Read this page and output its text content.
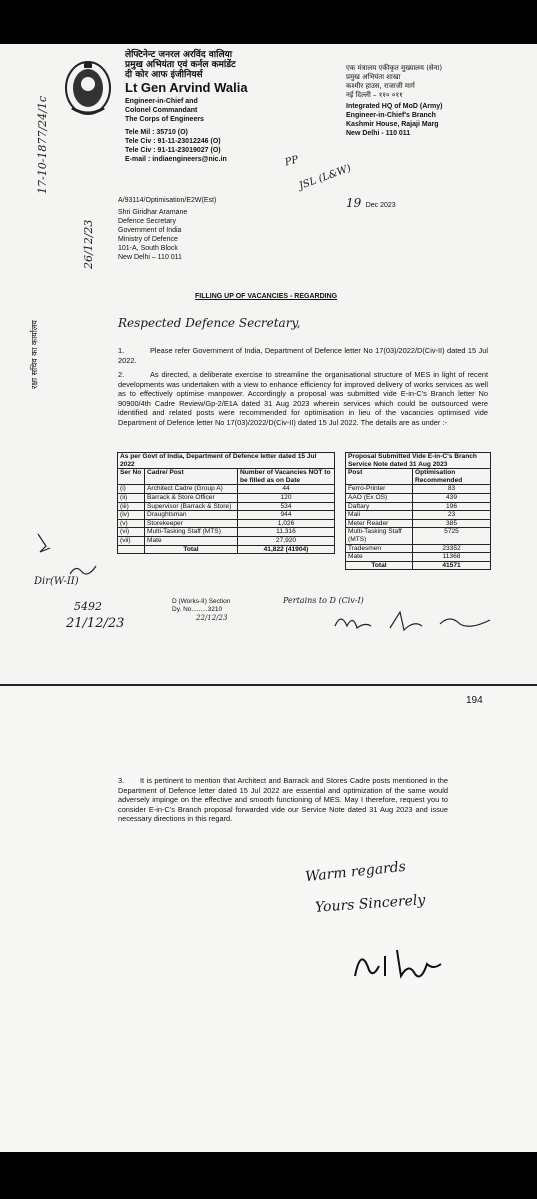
लेफ्टिनेन्ट जनरल अरविंद वालिया
प्रमुख अभियंता एवं कर्नल कमांडेंट
दी कोर आफ इंजीनियर्स
Lt Gen Arvind Walia
Engineer-in-Chief and
Colonel Commandant
The Corps of Engineers
Tele Mil : 35710 (O)
Tele Civ : 91-11-23012246 (O)
Tele Civ : 91-11-23019027 (O)
E-mail : indiaengineers@nic.in
एक मंत्रालय एकीकृत मुख्यालय (सेना)
प्रमुख अभियंता शाखा
कश्मीर हाउस, राजाजी मार्ग
नई दिल्ली – ११० ०११
Integrated HQ of MoD (Army)
Engineer-in-Chief's Branch
Kashmir House, Rajaji Marg
New Delhi - 110 011
PP
JSL (L&W)
A/93114/Optimisation/E2W(Est)	19 Dec 2023
Shri Giridhar Aramane
Defence Secretary
Government of India
Ministry of Defence
101-A, South Block
New Delhi – 110 011
FILLING UP OF VACANCIES - REGARDING
Respected Defence Secretary,
1.	Please refer Government of India, Department of Defence letter No 17(03)/2022/D(Civ-II) dated 15 Jul 2022.
2.	As directed, a deliberate exercise to streamline the organisational structure of MES in light of recent developments was undertaken with a view to enhance efficiency for improved delivery of works services as well as to effectively optimise manpower. Accordingly a proposal was submitted vide E-in-C's Branch letter No 90900/4th Cadre Review/Gp-2/E1A dated 31 Aug 2023 wherein services which could be outsourced were identified and related posts were recommended for optimisation in lieu of the vacancies optimised vide Department of Defence letter No 17(03)/2022/D(Civ-II) dated 15 Jul 2022. The details are as under :-
As per Govt of India, Department of Defence letter dated 15 Jul 2022		
Ser No	Cadre/ Post	Number of Vacancies NOT to be filled as on Date
(i)	Architect Cadre (Group A)	44
(ii)	Barrack & Store Officer	120
(iii)	Supervisor (Barrack & Store)	534
(iv)	Draughtsman	944
(v)	Storekeeper	1,026
(vi)	Multi-Tasking Staff (MTS)	11,316
(vii)	Mate	27,920
	Total	41,822 (41904)
Proposal Submitted Vide E-in-C's Branch Service Note dated 31 Aug 2023	
Post	Optimisation Recommended
Ferro-Printer	83
AAO (Ex OS)	439
Daftary	196
Mali	23
Meter Reader	385
Multi-Tasking Staff (MTS)	5725
Tradesmen	23352
Mate	11368
Total	41571
17-10-1877/24/1c
26/12/23
रक्षा सचिव का कार्यालय
Dir(W-II)
5492
21/12/23
D (Works-II) Section
Dy. No.........3210
22/12/23
Pertains to D (Civ-I)
194
3. It is pertinent to mention that Architect and Barrack and Stores Cadre posts mentioned in the Department of Defence letter dated 15 Jul 2022 are essential and optimization of the same would adversely impinge on the effective and smooth functioning of MES. May I therefore, request you to consider E-in-C's Branch proposal forwarded vide our Service Note dated 31 Aug 2023 and issue necessary directions in this regard.
Warm regards
Yours Sincerely
